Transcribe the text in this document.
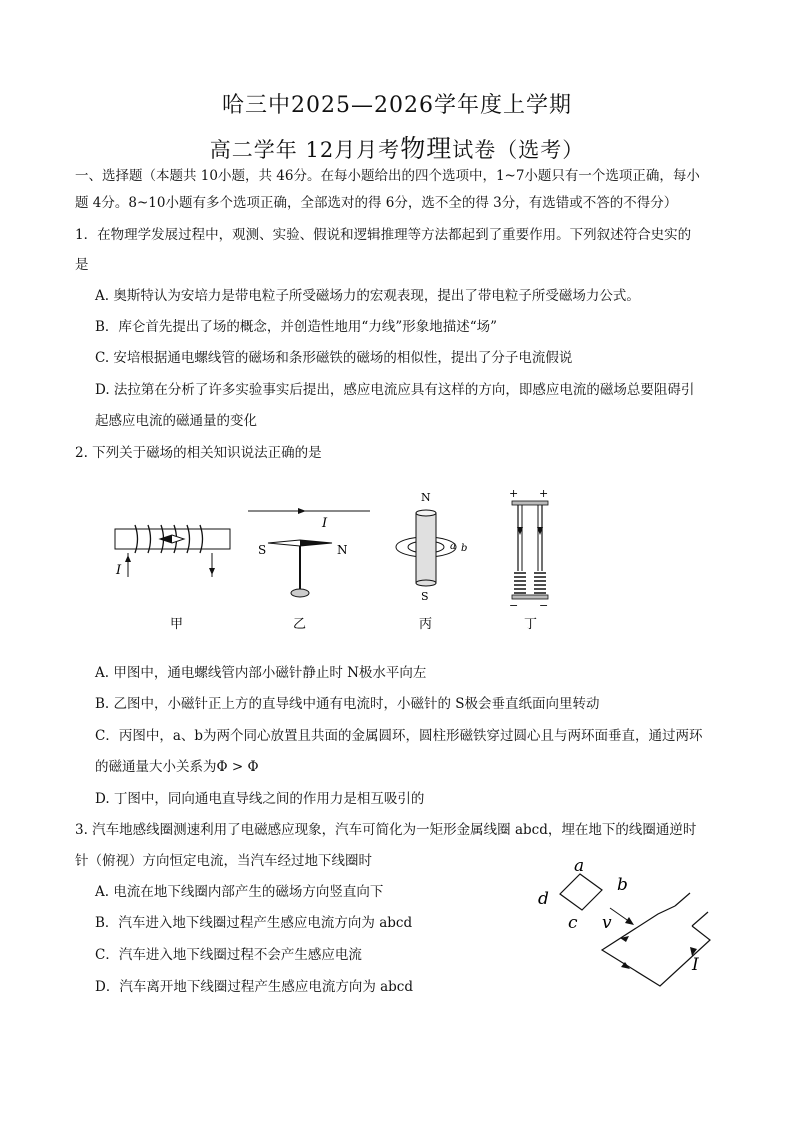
哈三中2025—2026学年度上学期
高二学年 12月月考物理试卷（选考）
一、选择题（本题共 10小题，共 46分。在每小题给出的四个选项中，1~7小题只有一个选项正确，每小
题 4分。8~10小题有多个选项正确，全部选对的得 6分，选不全的得 3分，有选错或不答的不得分）
1．在物理学发展过程中，观测、实验、假说和逻辑推理等方法都起到了重要作用。下列叙述符合史实的
是
A. 奥斯特认为安培力是带电粒子所受磁场力的宏观表现，提出了带电粒子所受磁场力公式。
B．库仑首先提出了场的概念，并创造性地用“力线”形象地描述“场”
C. 安培根据通电螺线管的磁场和条形磁铁的磁场的相似性，提出了分子电流假说
D. 法拉第在分析了许多实验事实后提出，感应电流应具有这样的方向，即感应电流的磁场总要阻碍引
起感应电流的磁通量的变化
2. 下列关于磁场的相关知识说法正确的是
I
I
S	N
N
a b
S
+ +
− −
甲	乙	丙	丁
A. 甲图中，通电螺线管内部小磁针静止时 N极水平向左
B. 乙图中，小磁针正上方的直导线中通有电流时，小磁针的 S极会垂直纸面向里转动
C．丙图中，a、b为两个同心放置且共面的金属圆环，圆柱形磁铁穿过圆心且与两环面垂直，通过两环
的磁通量大小关系为Φ > Φ
D. 丁图中，同向通电直导线之间的作用力是相互吸引的
3. 汽车地感线圈测速利用了电磁感应现象，汽车可简化为一矩形金属线圈 abcd，埋在地下的线圈通逆时
针（俯视）方向恒定电流，当汽车经过地下线圈时
A. 电流在地下线圈内部产生的磁场方向竖直向下
B．汽车进入地下线圈过程产生感应电流方向为 abcd
C．汽车进入地下线圈过程不会产生感应电流
D．汽车离开地下线圈过程产生感应电流方向为 abcd
a
b
c
d
v
I
